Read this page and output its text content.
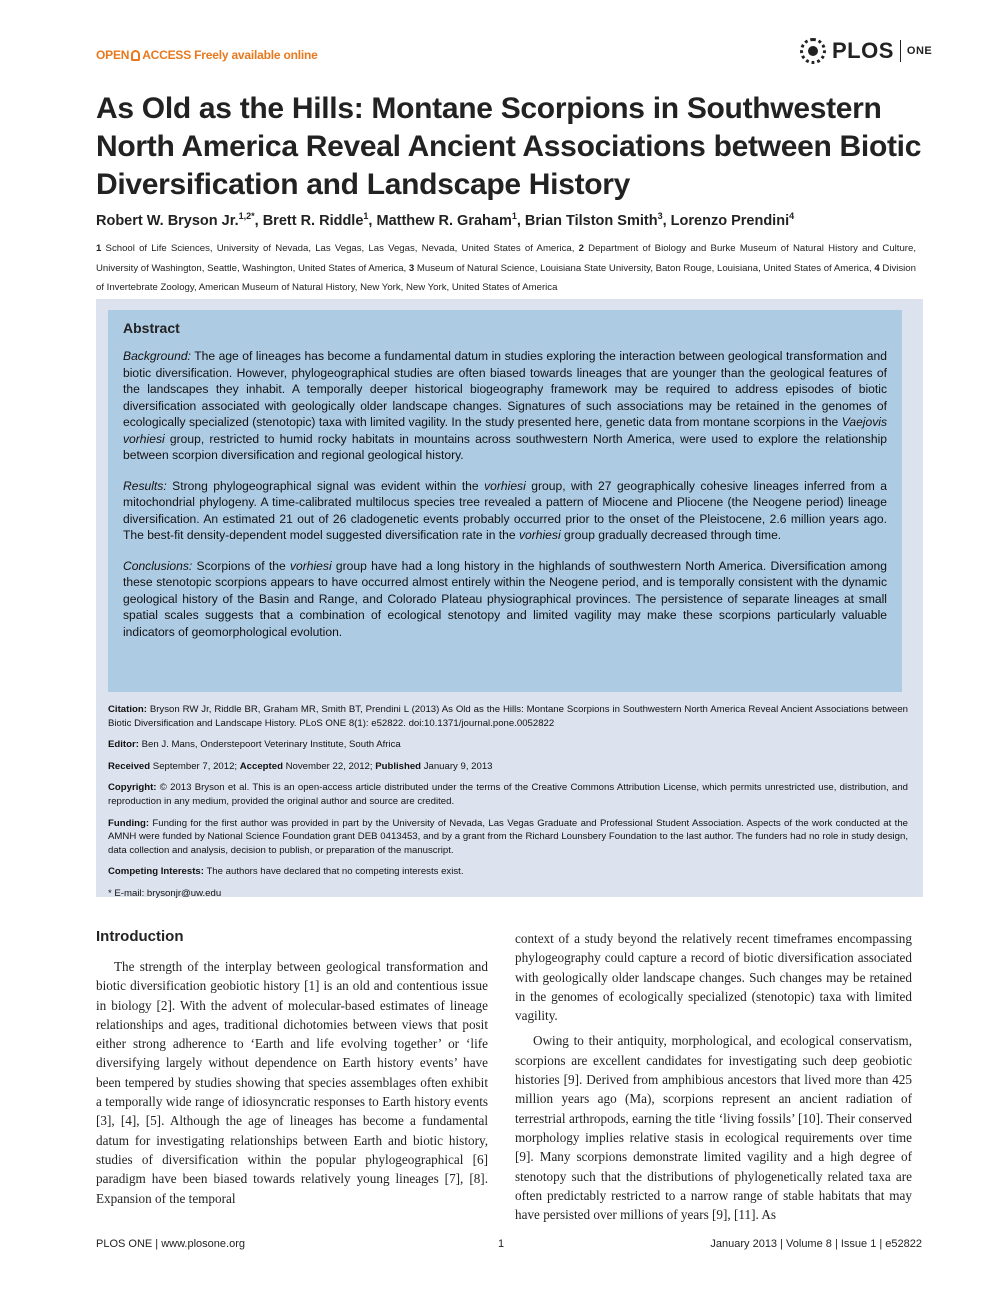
OPEN ACCESS Freely available online	PLOS ONE
As Old as the Hills: Montane Scorpions in Southwestern North America Reveal Ancient Associations between Biotic Diversification and Landscape History
Robert W. Bryson Jr.$^{1,2*}$, Brett R. Riddle$^1$, Matthew R. Graham$^1$, Brian Tilston Smith$^3$, Lorenzo Prendini$^4$
1 School of Life Sciences, University of Nevada, Las Vegas, Las Vegas, Nevada, United States of America, 2 Department of Biology and Burke Museum of Natural History and Culture, University of Washington, Seattle, Washington, United States of America, 3 Museum of Natural Science, Louisiana State University, Baton Rouge, Louisiana, United States of America, 4 Division of Invertebrate Zoology, American Museum of Natural History, New York, New York, United States of America
Abstract

Background: The age of lineages has become a fundamental datum in studies exploring the interaction between geological transformation and biotic diversification. However, phylogeographical studies are often biased towards lineages that are younger than the geological features of the landscapes they inhabit. A temporally deeper historical biogeography framework may be required to address episodes of biotic diversification associated with geologically older landscape changes. Signatures of such associations may be retained in the genomes of ecologically specialized (stenotopic) taxa with limited vagility. In the study presented here, genetic data from montane scorpions in the Vaejovis vorhiesi group, restricted to humid rocky habitats in mountains across southwestern North America, were used to explore the relationship between scorpion diversification and regional geological history.

Results: Strong phylogeographical signal was evident within the vorhiesi group, with 27 geographically cohesive lineages inferred from a mitochondrial phylogeny. A time-calibrated multilocus species tree revealed a pattern of Miocene and Pliocene (the Neogene period) lineage diversification. An estimated 21 out of 26 cladogenetic events probably occurred prior to the onset of the Pleistocene, 2.6 million years ago. The best-fit density-dependent model suggested diversification rate in the vorhiesi group gradually decreased through time.

Conclusions: Scorpions of the vorhiesi group have had a long history in the highlands of southwestern North America. Diversification among these stenotopic scorpions appears to have occurred almost entirely within the Neogene period, and is temporally consistent with the dynamic geological history of the Basin and Range, and Colorado Plateau physiographical provinces. The persistence of separate lineages at small spatial scales suggests that a combination of ecological stenotopy and limited vagility may make these scorpions particularly valuable indicators of geomorphological evolution.

Citation: Bryson RW Jr, Riddle BR, Graham MR, Smith BT, Prendini L (2013) As Old as the Hills: Montane Scorpions in Southwestern North America Reveal Ancient Associations between Biotic Diversification and Landscape History. PLoS ONE 8(1): e52822. doi:10.1371/journal.pone.0052822

Editor: Ben J. Mans, Onderstepoort Veterinary Institute, South Africa

Received September 7, 2012; Accepted November 22, 2012; Published January 9, 2013

Copyright: © 2013 Bryson et al. This is an open-access article distributed under the terms of the Creative Commons Attribution License, which permits unrestricted use, distribution, and reproduction in any medium, provided the original author and source are credited.

Funding: Funding for the first author was provided in part by the University of Nevada, Las Vegas Graduate and Professional Student Association. Aspects of the work conducted at the AMNH were funded by National Science Foundation grant DEB 0413453, and by a grant from the Richard Lounsbery Foundation to the last author. The funders had no role in study design, data collection and analysis, decision to publish, or preparation of the manuscript.

Competing Interests: The authors have declared that no competing interests exist.

* E-mail: brysonjr@uw.edu

Introduction

The strength of the interplay between geological transformation and biotic diversification geobiotic history [1] is an old and contentious issue in biology [2]. With the advent of molecular-based estimates of lineage relationships and ages, traditional dichotomies between views that posit either strong adherence to ‘Earth and life evolving together’ or ‘life diversifying largely without dependence on Earth history events’ have been tempered by studies showing that species assemblages often exhibit a temporally wide range of idiosyncratic responses to Earth history events [3], [4], [5]. Although the age of lineages has become a fundamental datum for investigating relationships between Earth and biotic history, studies of diversification within the popular phylogeographical [6] paradigm have been biased towards relatively young lineages [7], [8]. Expansion of the temporal

context of a study beyond the relatively recent timeframes encompassing phylogeography could capture a record of biotic diversification associated with geologically older landscape changes. Such changes may be retained in the genomes of ecologically specialized (stenotopic) taxa with limited vagility.

Owing to their antiquity, morphological, and ecological conservatism, scorpions are excellent candidates for investigating such deep geobiotic histories [9]. Derived from amphibious ancestors that lived more than 425 million years ago (Ma), scorpions represent an ancient radiation of terrestrial arthropods, earning the title ‘living fossils’ [10]. Their conserved morphology implies relative stasis in ecological requirements over time [9]. Many scorpions demonstrate limited vagility and a high degree of stenotopy such that the distributions of phylogenetically related taxa are often predictably restricted to a narrow range of stable habitats that may have persisted over millions of years [9], [11]. As

PLOS ONE | www.plosone.org	1	January 2013 | Volume 8 | Issue 1 | e52822
